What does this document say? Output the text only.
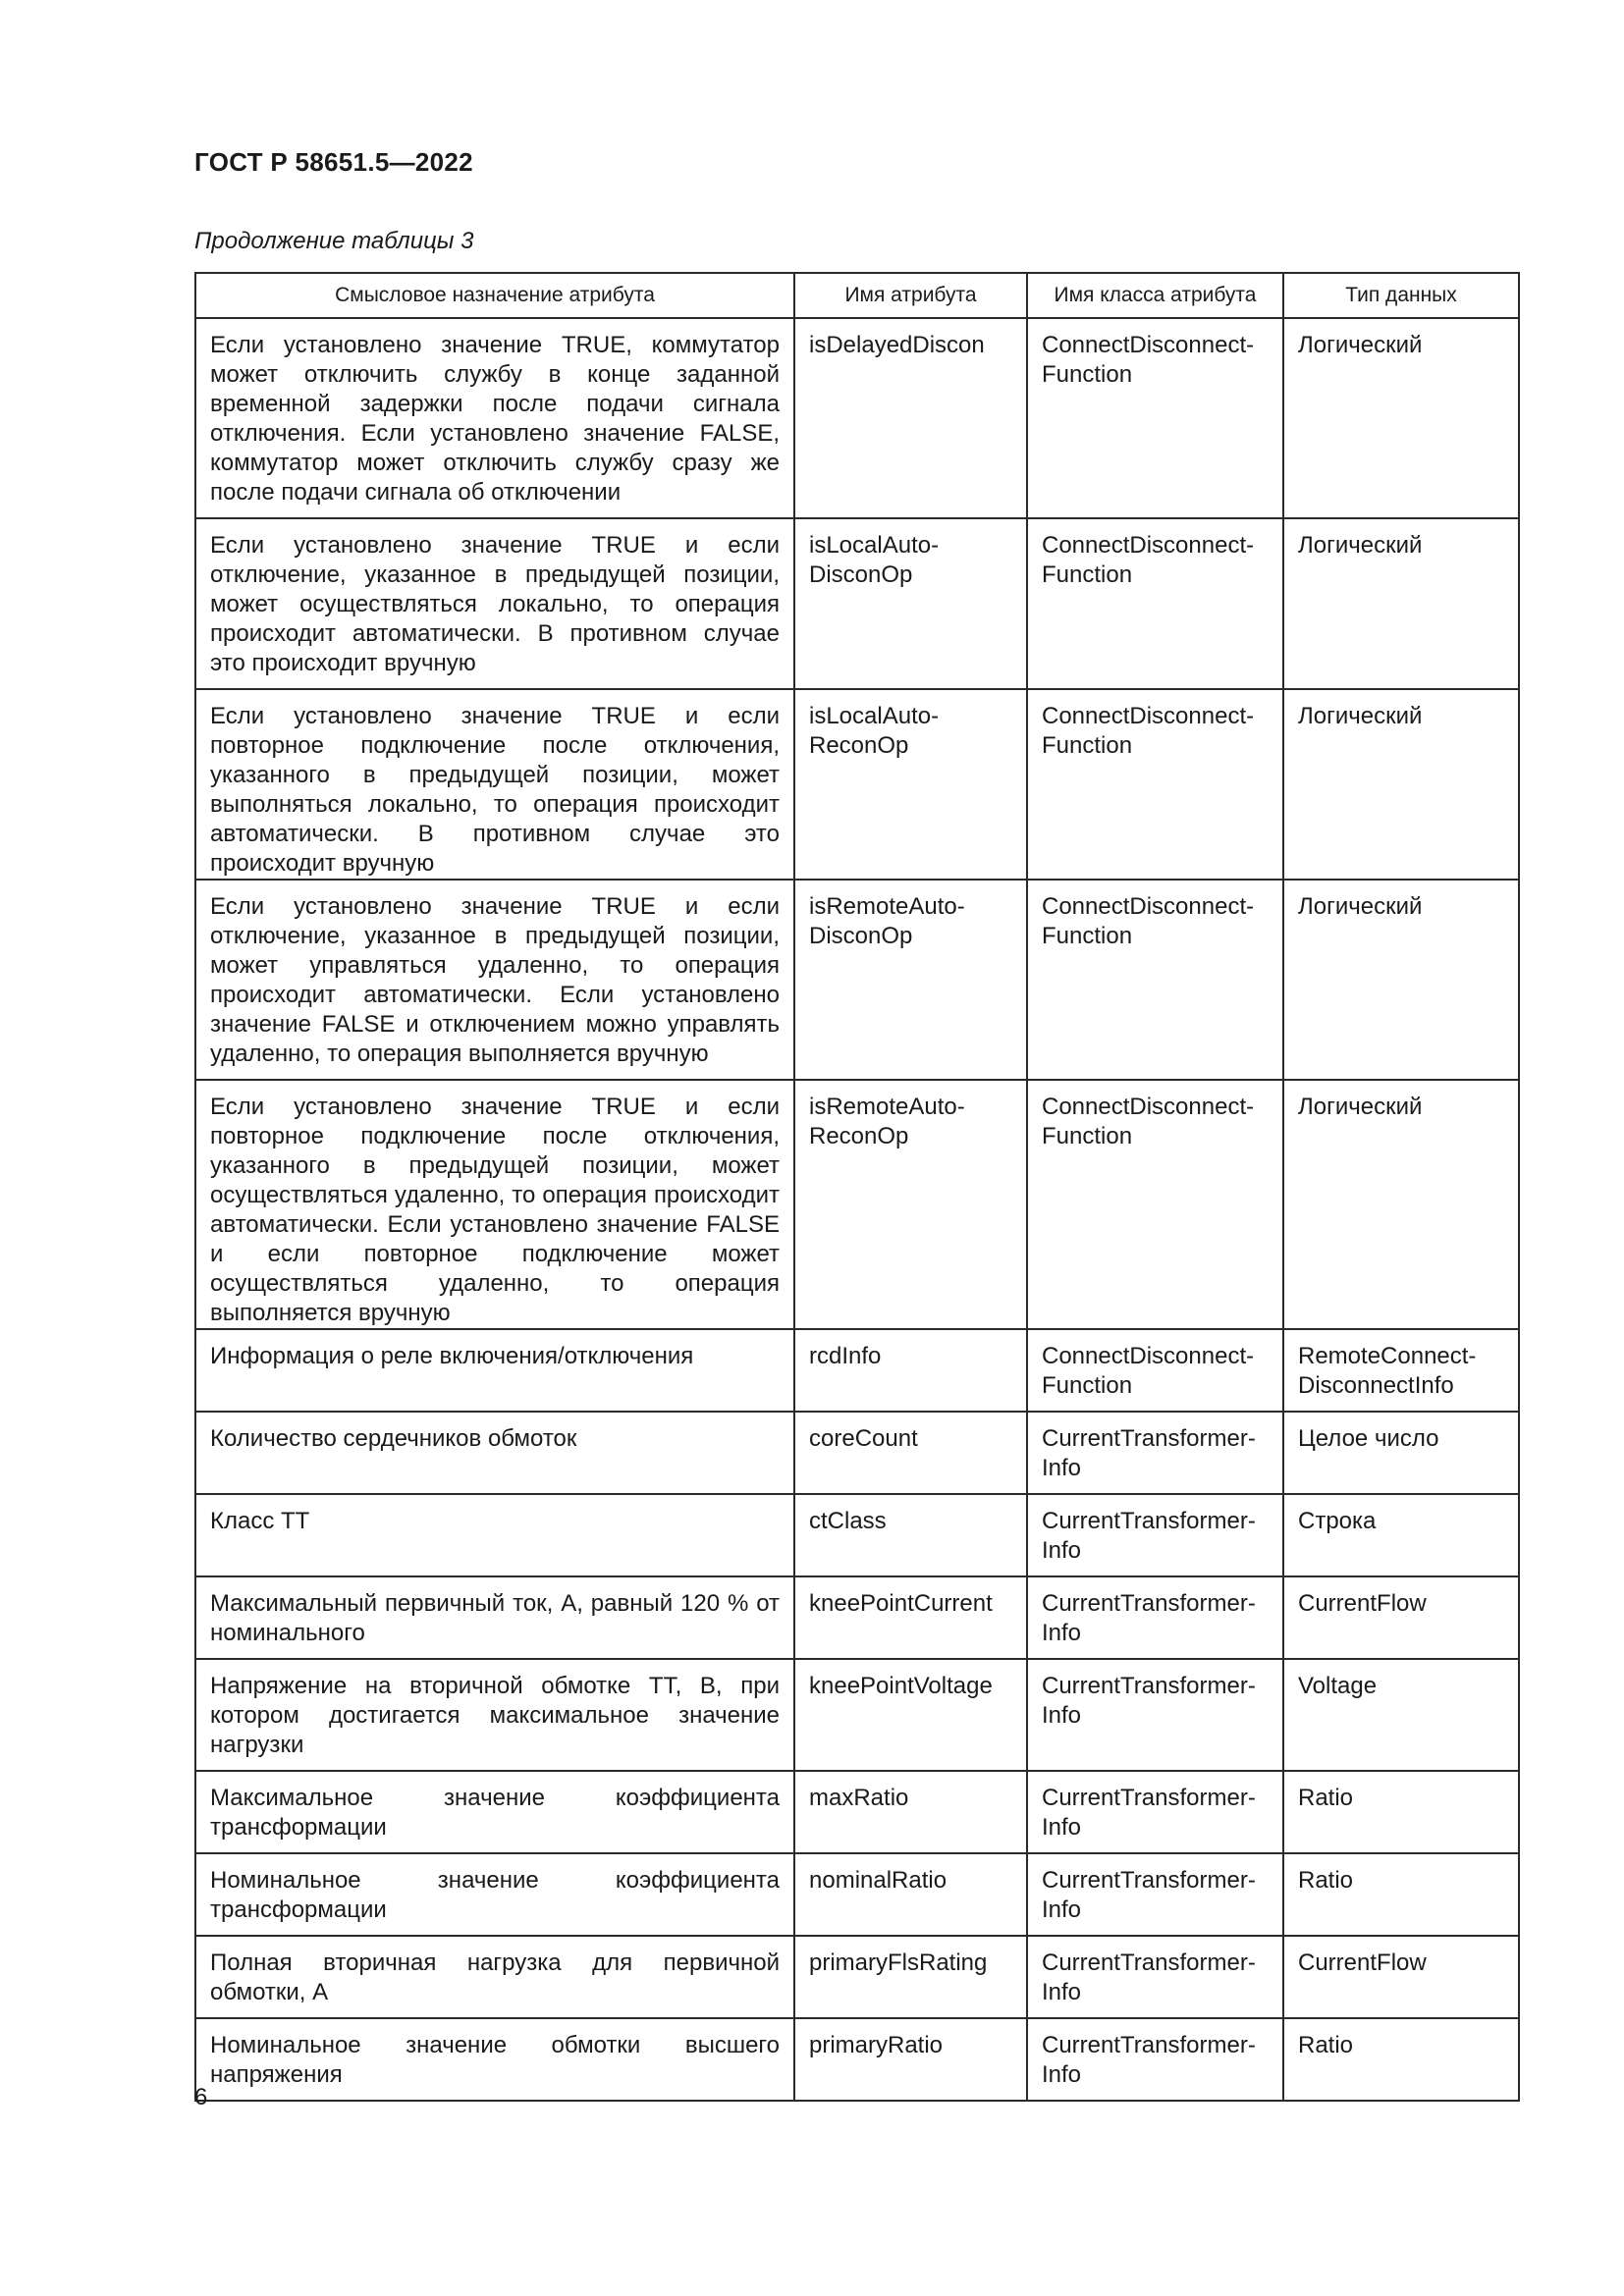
ГОСТ Р 58651.5—2022
Продолжение таблицы 3
Смысловое назначение атрибута	Имя атрибута	Имя класса атрибута	Тип данных
Если установлено значение TRUE, коммутатор может отключить службу в конце заданной временной задержки после подачи сигнала отключения. Если установлено значение FALSE, коммутатор может отключить службу сразу же после подачи сигнала об отключении	isDelayedDiscon	ConnectDisconnect-Function	Логический
Если установлено значение TRUE и если отключение, указанное в предыдущей позиции, может осуществляться локально, то операция происходит автоматически. В противном случае это происходит вручную	isLocalAuto-DisconOp	ConnectDisconnect-Function	Логический
Если установлено значение TRUE и если повторное подключение после отключения, указанного в предыдущей позиции, может выполняться локально, то операция происходит автоматически. В противном случае это происходит вручную	isLocalAuto-ReconOp	ConnectDisconnect-Function	Логический
Если установлено значение TRUE и если отключение, указанное в предыдущей позиции, может управляться удаленно, то операция происходит автоматически. Если установлено значение FALSE и отключением можно управлять удаленно, то операция выполняется вручную	isRemoteAuto-DisconOp	ConnectDisconnect-Function	Логический
Если установлено значение TRUE и если повторное подключение после отключения, указанного в предыдущей позиции, может осуществляться удаленно, то операция происходит автоматически. Если установлено значение FALSE и если повторное подключение может осуществляться удаленно, то операция выполняется вручную	isRemoteAuto-ReconOp	ConnectDisconnect-Function	Логический
Информация о реле включения/отключения	rcdInfo	ConnectDisconnect-Function	RemoteConnect-DisconnectInfo
Количество сердечников обмоток	coreCount	CurrentTransformer-Info	Целое число
Класс ТТ	ctClass	CurrentTransformer-Info	Строка
Максимальный первичный ток, А, равный 120 % от номинального	kneePointCurrent	CurrentTransformer-Info	CurrentFlow
Напряжение на вторичной обмотке ТТ, В, при котором достигается максимальное значение нагрузки	kneePointVoltage	CurrentTransformer-Info	Voltage
Максимальное значение коэффициента трансформации	maxRatio	CurrentTransformer-Info	Ratio
Номинальное значение коэффициента трансформации	nominalRatio	CurrentTransformer-Info	Ratio
Полная вторичная нагрузка для первичной обмотки, А	primaryFlsRating	CurrentTransformer-Info	CurrentFlow
Номинальное значение обмотки высшего напряжения	primaryRatio	CurrentTransformer-Info	Ratio
6
